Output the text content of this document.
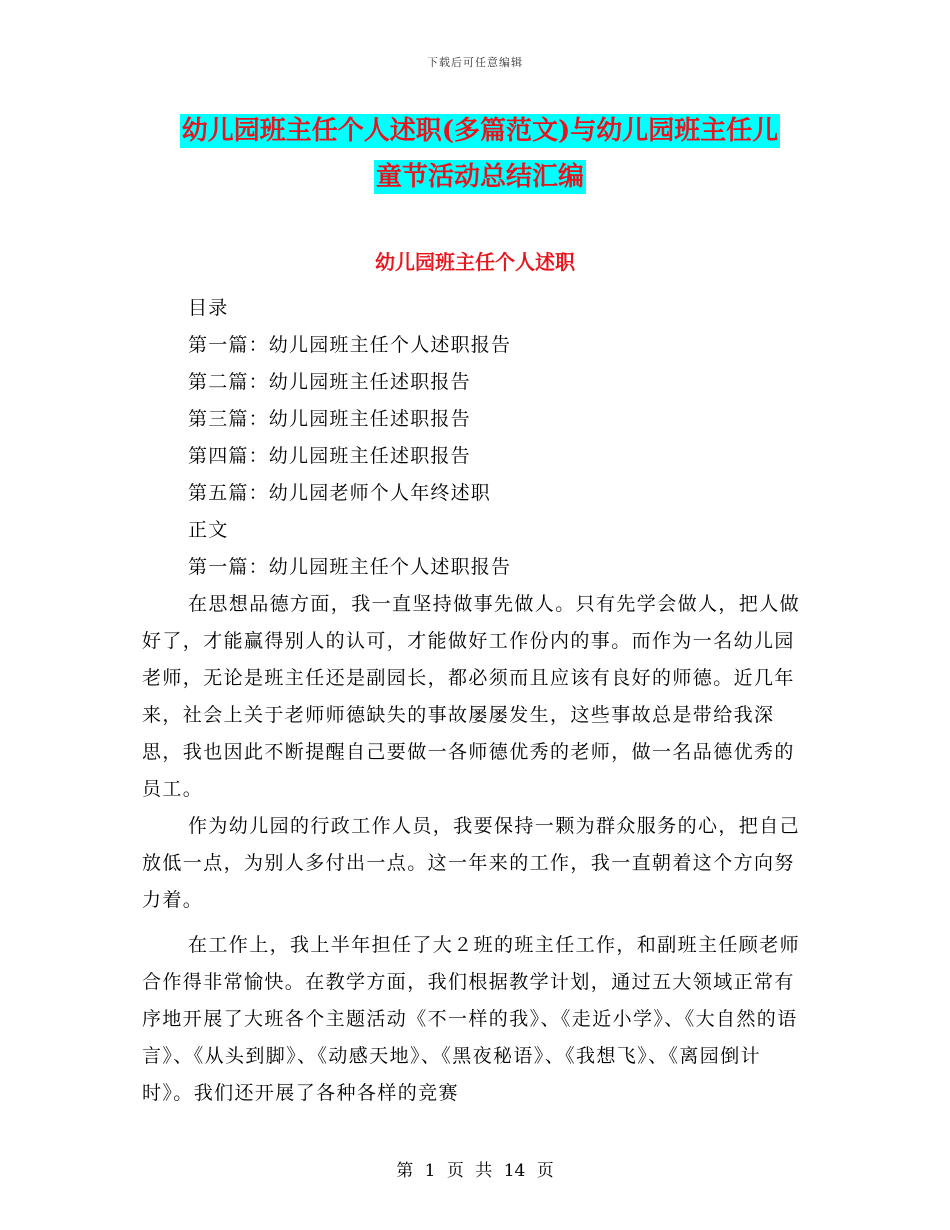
下载后可任意编辑
幼儿园班主任个人述职(多篇范文)与幼儿园班主任儿
童节活动总结汇编
幼儿园班主任个人述职

目录

第一篇：幼儿园班主任个人述职报告

第二篇：幼儿园班主任述职报告

第三篇：幼儿园班主任述职报告

第四篇：幼儿园班主任述职报告

第五篇：幼儿园老师个人年终述职

正文

第一篇：幼儿园班主任个人述职报告

在思想品德方面，我一直坚持做事先做人。只有先学会做人，把人做好了，才能赢得别人的认可，才能做好工作份内的事。而作为一名幼儿园老师，无论是班主任还是副园长，都必须而且应该有良好的师德。近几年来，社会上关于老师师德缺失的事故屡屡发生，这些事故总是带给我深思，我也因此不断提醒自己要做一各师德优秀的老师，做一名品德优秀的员工。

作为幼儿园的行政工作人员，我要保持一颗为群众服务的心，把自己放低一点，为别人多付出一点。这一年来的工作，我一直朝着这个方向努力着。

在工作上，我上半年担任了大２班的班主任工作，和副班主任顾老师合作得非常愉快。在教学方面，我们根据教学计划，通过五大领域正常有序地开展了大班各个主题活动《不一样的我》、《走近小学》、《大自然的语言》、《从头到脚》、《动感天地》、《黑夜秘语》、《我想飞》、《离园倒计时》。我们还开展了各种各样的竞赛

第 1 页 共 14 页
